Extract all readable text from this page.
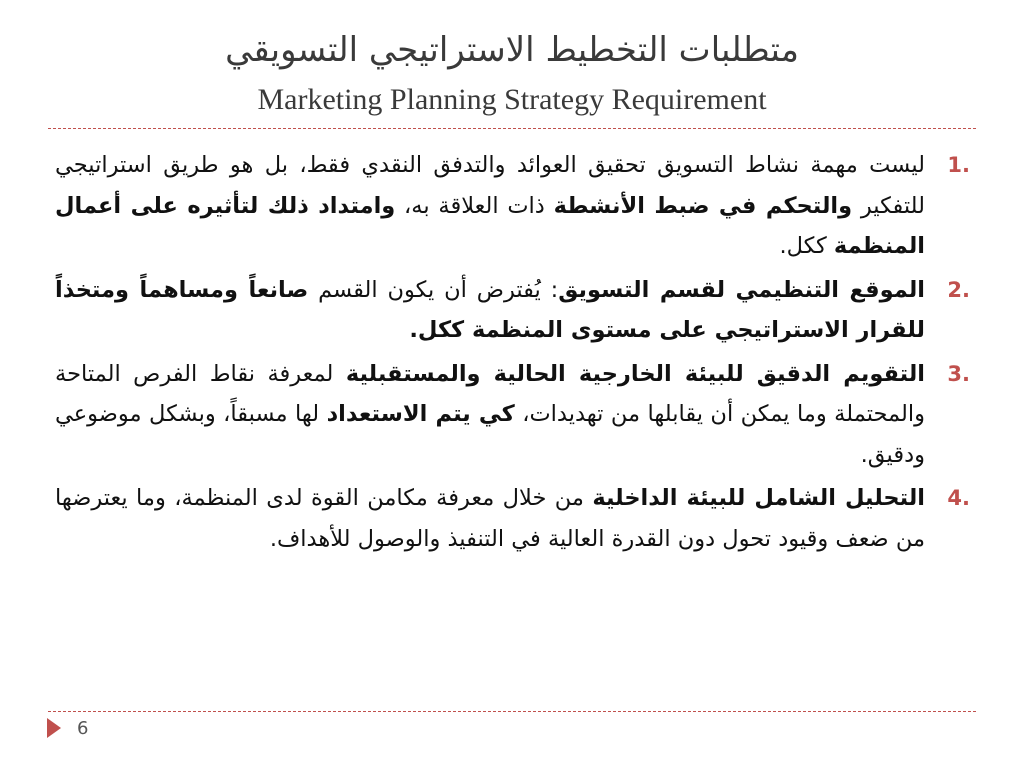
متطلبات التخطيط الاستراتيجي التسويقي
Marketing Planning Strategy Requirement
1.
ليست مهمة نشاط التسويق تحقيق العوائد والتدفق النقدي فقط، بل هو طريق استراتيجي للتفكير والتحكم في ضبط الأنشطة ذات العلاقة به، وامتداد ذلك لتأثيره على أعمال المنظمة ككل.
2.
الموقع التنظيمي لقسم التسويق: يُفترض أن يكون القسم صانعاً ومساهماً ومتخذاً للقرار الاستراتيجي على مستوى المنظمة ككل.
3.
التقويم الدقيق للبيئة الخارجية الحالية والمستقبلية لمعرفة نقاط الفرص المتاحة والمحتملة وما يمكن أن يقابلها من تهديدات، كي يتم الاستعداد لها مسبقاً، وبشكل موضوعي ودقيق.
4.
التحليل الشامل للبيئة الداخلية من خلال معرفة مكامن القوة لدى المنظمة، وما يعترضها من ضعف وقيود تحول دون القدرة العالية في التنفيذ والوصول للأهداف.
6
